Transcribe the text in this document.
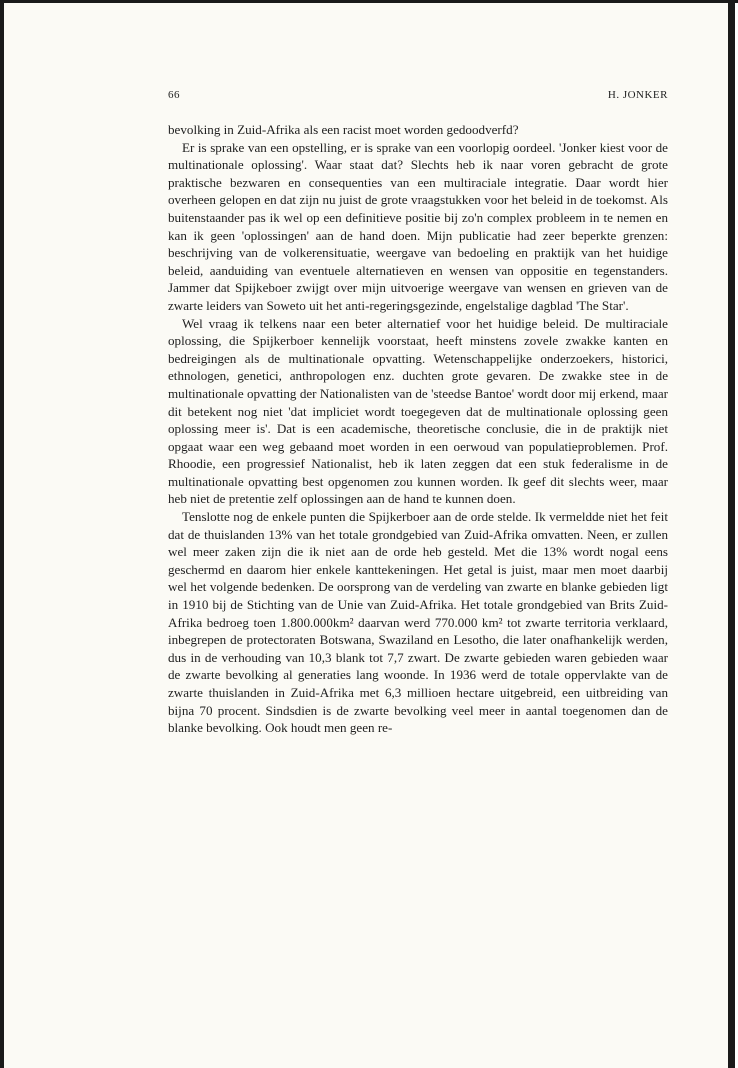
66	H. JONKER

bevolking in Zuid-Afrika als een racist moet worden gedoodverfd?

Er is sprake van een opstelling, er is sprake van een voorlopig oordeel. 'Jonker kiest voor de multinationale oplossing'. Waar staat dat? Slechts heb ik naar voren gebracht de grote praktische bezwaren en consequenties van een multiraciale integratie. Daar wordt hier overheen gelopen en dat zijn nu juist de grote vraagstukken voor het beleid in de toekomst. Als buitenstaander pas ik wel op een definitieve positie bij zo'n complex probleem in te nemen en kan ik geen 'oplossingen' aan de hand doen. Mijn publicatie had zeer beperkte grenzen: beschrijving van de volkerensituatie, weergave van bedoeling en praktijk van het huidige beleid, aanduiding van eventuele alternatieven en wensen van oppositie en tegenstanders. Jammer dat Spijkeboer zwijgt over mijn uitvoerige weergave van wensen en grieven van de zwarte leiders van Soweto uit het anti-regeringsgezinde, engelstalige dagblad 'The Star'.

Wel vraag ik telkens naar een beter alternatief voor het huidige beleid. De multiraciale oplossing, die Spijkerboer kennelijk voorstaat, heeft minstens zovele zwakke kanten en bedreigingen als de multinationale opvatting. Wetenschappelijke onderzoekers, historici, ethnologen, genetici, anthropologen enz. duchten grote gevaren. De zwakke stee in de multinationale opvatting der Nationalisten van de 'steedse Bantoe' wordt door mij erkend, maar dit betekent nog niet 'dat impliciet wordt toegegeven dat de multinationale oplossing geen oplossing meer is'. Dat is een academische, theoretische conclusie, die in de praktijk niet opgaat waar een weg gebaand moet worden in een oerwoud van populatieproblemen. Prof. Rhoodie, een progressief Nationalist, heb ik laten zeggen dat een stuk federalisme in de multinationale opvatting best opgenomen zou kunnen worden. Ik geef dit slechts weer, maar heb niet de pretentie zelf oplossingen aan de hand te kunnen doen.

Tenslotte nog de enkele punten die Spijkerboer aan de orde stelde. Ik vermeldde niet het feit dat de thuislanden 13% van het totale grondgebied van Zuid-Afrika omvatten. Neen, er zullen wel meer zaken zijn die ik niet aan de orde heb gesteld. Met die 13% wordt nogal eens geschermd en daarom hier enkele kanttekeningen. Het getal is juist, maar men moet daarbij wel het volgende bedenken. De oorsprong van de verdeling van zwarte en blanke gebieden ligt in 1910 bij de Stichting van de Unie van Zuid-Afrika. Het totale grondgebied van Brits Zuid-Afrika bedroeg toen 1.800.000km² daarvan werd 770.000 km² tot zwarte territoria verklaard, inbegrepen de protectoraten Botswana, Swaziland en Lesotho, die later onafhankelijk werden, dus in de verhouding van 10,3 blank tot 7,7 zwart. De zwarte gebieden waren gebieden waar de zwarte bevolking al generaties lang woonde. In 1936 werd de totale oppervlakte van de zwarte thuislanden in Zuid-Afrika met 6,3 millioen hectare uitgebreid, een uitbreiding van bijna 70 procent. Sindsdien is de zwarte bevolking veel meer in aantal toegenomen dan de blanke bevolking. Ook houdt men geen re-
